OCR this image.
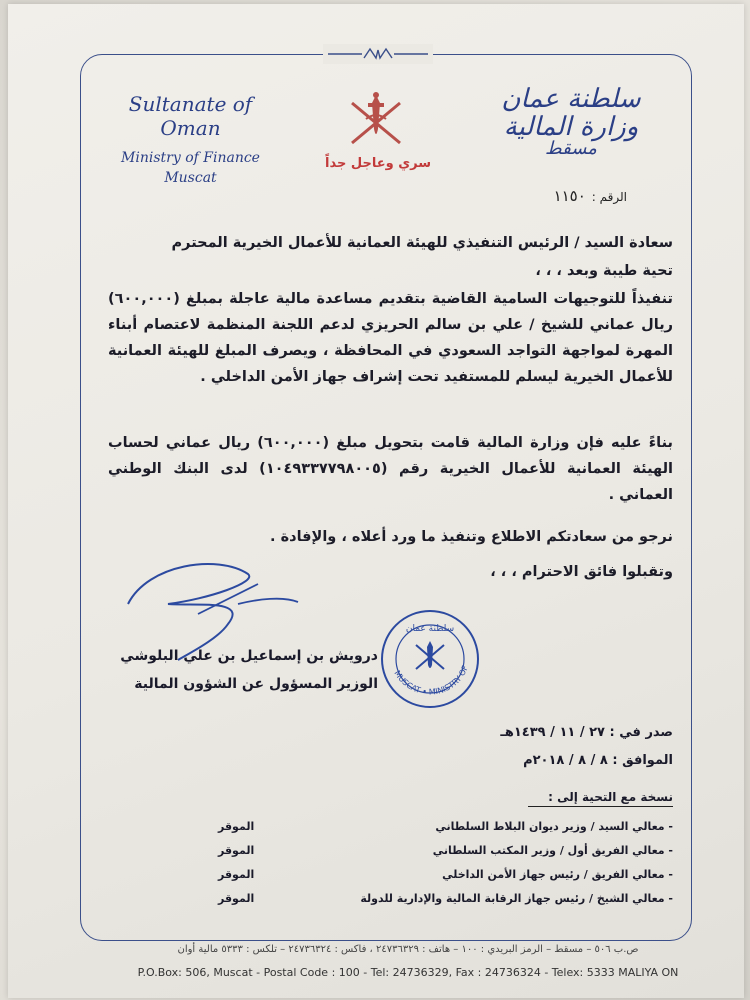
Sultanate of Oman
Ministry of Finance
Muscat
سري وعاجل جداً
سلطنة عمان
وزارة المالية
مسقط
الرقم :١١٥٠
سعادة السيد / الرئيس التنفيذي للهيئة العمانية للأعمال الخيرية المحترم
تحية طيبة وبعد ، ، ،
تنفيذاً للتوجيهات السامية القاضية بتقديم مساعدة مالية عاجلة بمبلغ (٦٠٠,٠٠٠) ريال عماني للشيخ / علي بن سالم الحريزي لدعم اللجنة المنظمة لاعتصام أبناء المهرة لمواجهة التواجد السعودي في المحافظة ، ويصرف المبلغ للهيئة العمانية للأعمال الخيرية ليسلم للمستفيد تحت إشراف جهاز الأمن الداخلي .
بناءً عليه فإن وزارة المالية قامت بتحويل مبلغ (٦٠٠,٠٠٠) ريال عماني لحساب الهيئة العمانية للأعمال الخيرية رقم (١٠٤٩٣٣٧٧٩٨٠٠٥) لدى البنك الوطني العماني .
نرجو من سعادتكم الاطلاع وتنفيذ ما ورد أعلاه ، والإفادة .
وتقبلوا فائق الاحترام ، ، ،
درويش بن إسماعيل بن علي البلوشي
الوزير المسؤول عن الشؤون المالية
MUSCAT • MINISTRY OF
سلطنة عمان
صدر في : ٢٧ / ١١ / ١٤٣٩هـ
الموافق : ٨ / ٨ / ٢٠١٨م
نسخة مع التحية إلى :
- معالي السيد / وزير ديوان البلاط السلطاني
الموقر
- معالي الفريق أول / وزير المكتب السلطاني
الموقر
- معالي الفريق / رئيس جهاز الأمن الداخلي
الموقر
- معالي الشيخ / رئيس جهاز الرقابة المالية والإدارية للدولة
الموقر
ص.ب ٥٠٦ – مسقط – الرمز البريدي : ١٠٠ – هاتف : ٢٤٧٣٦٣٢٩ ، فاكس : ٢٤٧٣٦٣٢٤ – تلكس : ٥٣٣٣ مالية أوان
P.O.Box: 506, Muscat - Postal Code : 100 - Tel: 24736329, Fax : 24736324 - Telex: 5333 MALIYA ON
